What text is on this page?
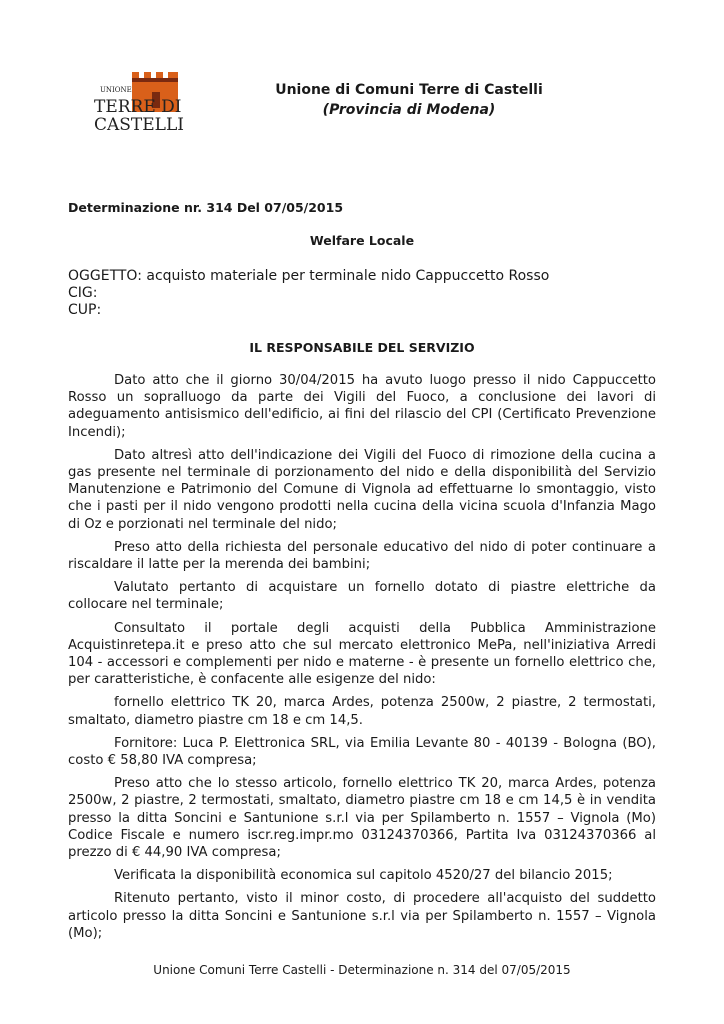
UNIONE
TERRE DI
CASTELLI
Unione di Comuni Terre di Castelli
(Provincia di Modena)
Determinazione nr. 314 Del 07/05/2015
Welfare Locale
OGGETTO: acquisto materiale per terminale nido Cappuccetto Rosso
CIG:
CUP:
IL RESPONSABILE DEL SERVIZIO

Dato atto che il giorno 30/04/2015 ha avuto luogo presso il nido Cappuccetto Rosso un sopralluogo da parte dei Vigili del Fuoco, a conclusione dei lavori di adeguamento antisismico dell'edificio, ai fini del rilascio del CPI (Certificato Prevenzione Incendi);

Dato altresì atto dell'indicazione dei Vigili del Fuoco di rimozione della cucina a gas presente nel terminale di porzionamento del nido e della disponibilità del Servizio Manutenzione e Patrimonio del Comune di Vignola ad effettuarne lo smontaggio, visto che i pasti per il nido vengono prodotti nella cucina della vicina scuola d'Infanzia Mago di Oz e porzionati nel terminale del nido;

Preso atto della richiesta del personale educativo del nido di poter continuare a riscaldare il latte per la merenda dei bambini;

Valutato pertanto di acquistare un fornello dotato di piastre elettriche da collocare nel terminale;

Consultato il portale degli acquisti della Pubblica Amministrazione Acquistinretepa.it e preso atto che sul mercato elettronico MePa, nell'iniziativa Arredi 104 - accessori e complementi per nido e materne - è presente un fornello elettrico che, per caratteristiche, è confacente alle esigenze del nido:

fornello elettrico TK 20, marca Ardes, potenza 2500w, 2 piastre, 2 termostati, smaltato, diametro piastre cm 18 e cm 14,5.

Fornitore: Luca P. Elettronica SRL, via Emilia Levante 80 - 40139 - Bologna (BO), costo € 58,80 IVA compresa;

Preso atto che lo stesso articolo, fornello elettrico TK 20, marca Ardes, potenza 2500w, 2 piastre, 2 termostati, smaltato, diametro piastre cm 18 e cm 14,5 è in vendita presso la ditta Soncini e Santunione s.r.l via per Spilamberto n. 1557 – Vignola (Mo) Codice Fiscale e numero iscr.reg.impr.mo 03124370366, Partita Iva 03124370366 al prezzo di € 44,90 IVA compresa;

Verificata la disponibilità economica sul capitolo 4520/27 del bilancio 2015;

Ritenuto pertanto, visto il minor costo, di procedere all'acquisto del suddetto articolo presso la ditta Soncini e Santunione s.r.l via per Spilamberto n. 1557 – Vignola (Mo);

Unione Comuni Terre Castelli - Determinazione n. 314 del 07/05/2015
